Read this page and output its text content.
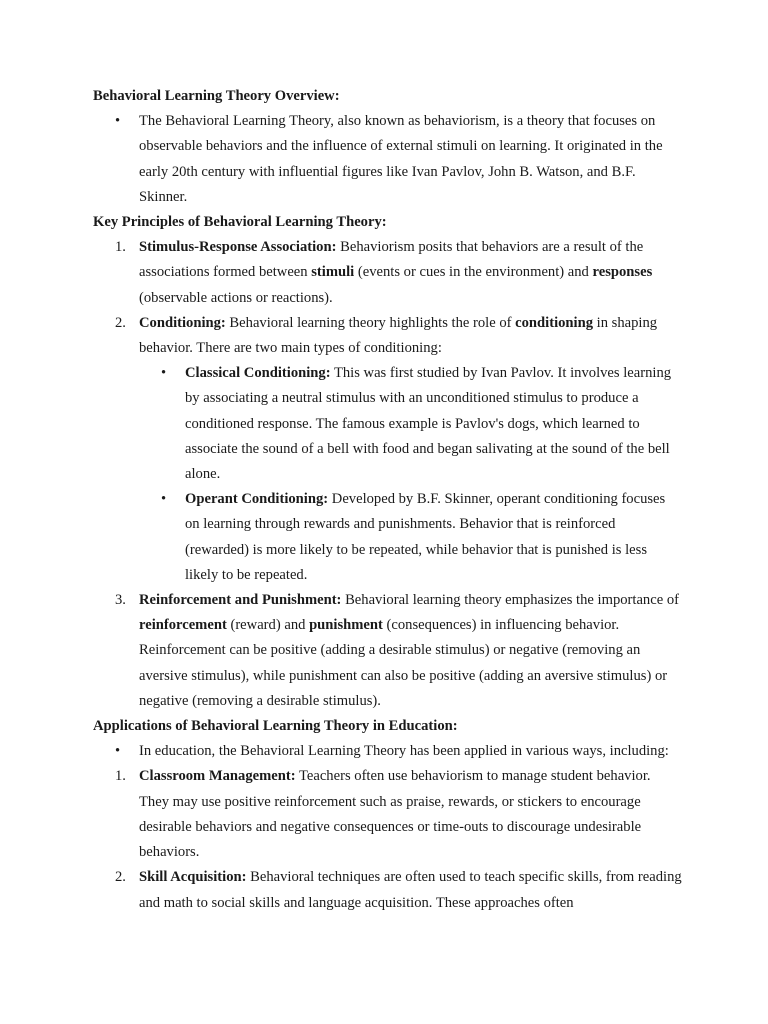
Behavioral Learning Theory Overview:

• The Behavioral Learning Theory, also known as behaviorism, is a theory that focuses on observable behaviors and the influence of external stimuli on learning. It originated in the early 20th century with influential figures like Ivan Pavlov, John B. Watson, and B.F. Skinner.

Key Principles of Behavioral Learning Theory:

1. Stimulus-Response Association: Behaviorism posits that behaviors are a result of the associations formed between stimuli (events or cues in the environment) and responses (observable actions or reactions).
2. Conditioning: Behavioral learning theory highlights the role of conditioning in shaping behavior. There are two main types of conditioning:
• Classical Conditioning: This was first studied by Ivan Pavlov. It involves learning by associating a neutral stimulus with an unconditioned stimulus to produce a conditioned response. The famous example is Pavlov's dogs, which learned to associate the sound of a bell with food and began salivating at the sound of the bell alone.
• Operant Conditioning: Developed by B.F. Skinner, operant conditioning focuses on learning through rewards and punishments. Behavior that is reinforced (rewarded) is more likely to be repeated, while behavior that is punished is less likely to be repeated.
3. Reinforcement and Punishment: Behavioral learning theory emphasizes the importance of reinforcement (reward) and punishment (consequences) in influencing behavior. Reinforcement can be positive (adding a desirable stimulus) or negative (removing an aversive stimulus), while punishment can also be positive (adding an aversive stimulus) or negative (removing a desirable stimulus).

Applications of Behavioral Learning Theory in Education:

• In education, the Behavioral Learning Theory has been applied in various ways, including:
1. Classroom Management: Teachers often use behaviorism to manage student behavior. They may use positive reinforcement such as praise, rewards, or stickers to encourage desirable behaviors and negative consequences or time-outs to discourage undesirable behaviors.
2. Skill Acquisition: Behavioral techniques are often used to teach specific skills, from reading and math to social skills and language acquisition. These approaches often
